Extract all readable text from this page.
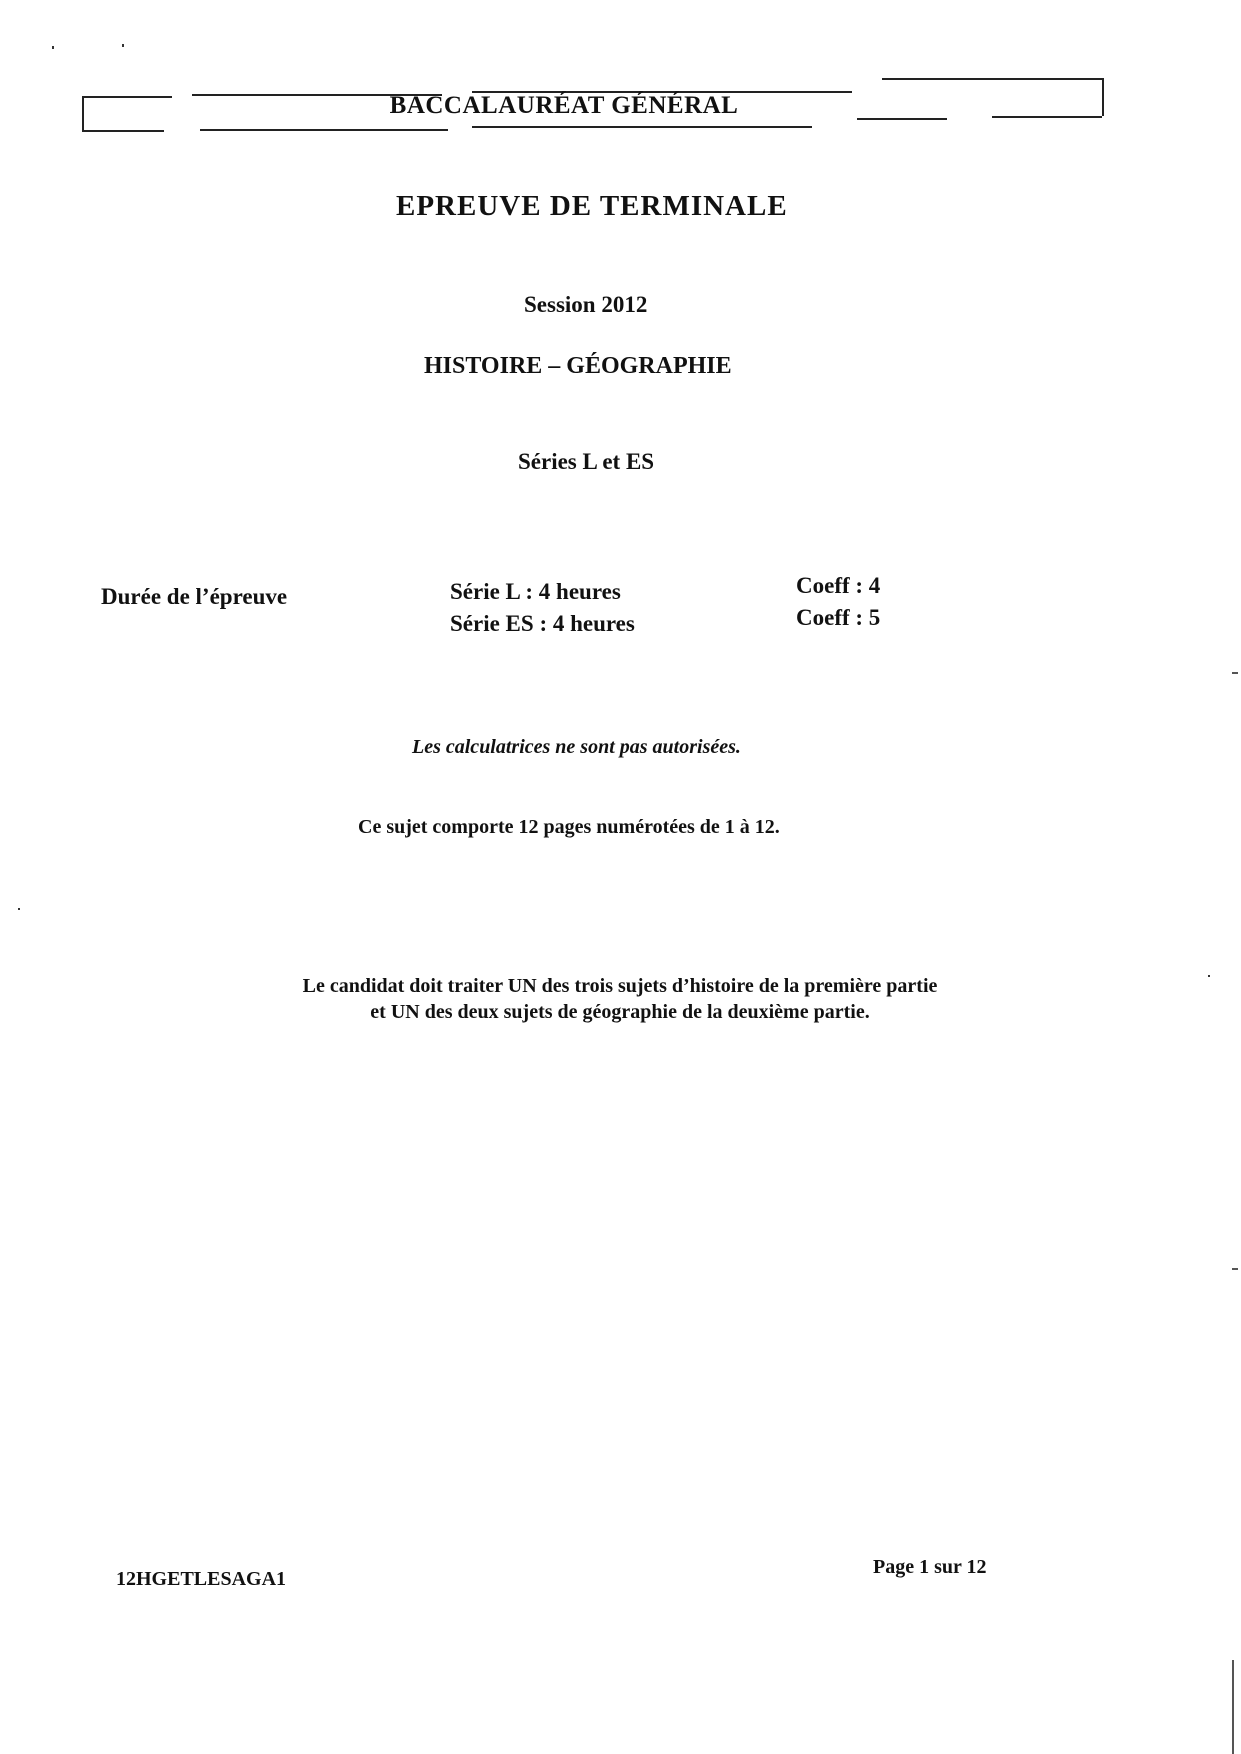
BACCALAURÉAT GÉNÉRAL
EPREUVE DE TERMINALE
Session 2012
HISTOIRE – GÉOGRAPHIE
Séries L et ES
Durée de l’épreuve	Série L : 4 heures
Série ES : 4 heures
Coeff : 4
Coeff : 5
Les calculatrices ne sont pas autorisées.
Ce sujet comporte 12 pages numérotées de 1 à 12.
Le candidat doit traiter UN des trois sujets d’histoire de la première partie
et UN des deux sujets de géographie de la deuxième partie.
12HGETLESAGA1
Page 1 sur 12
